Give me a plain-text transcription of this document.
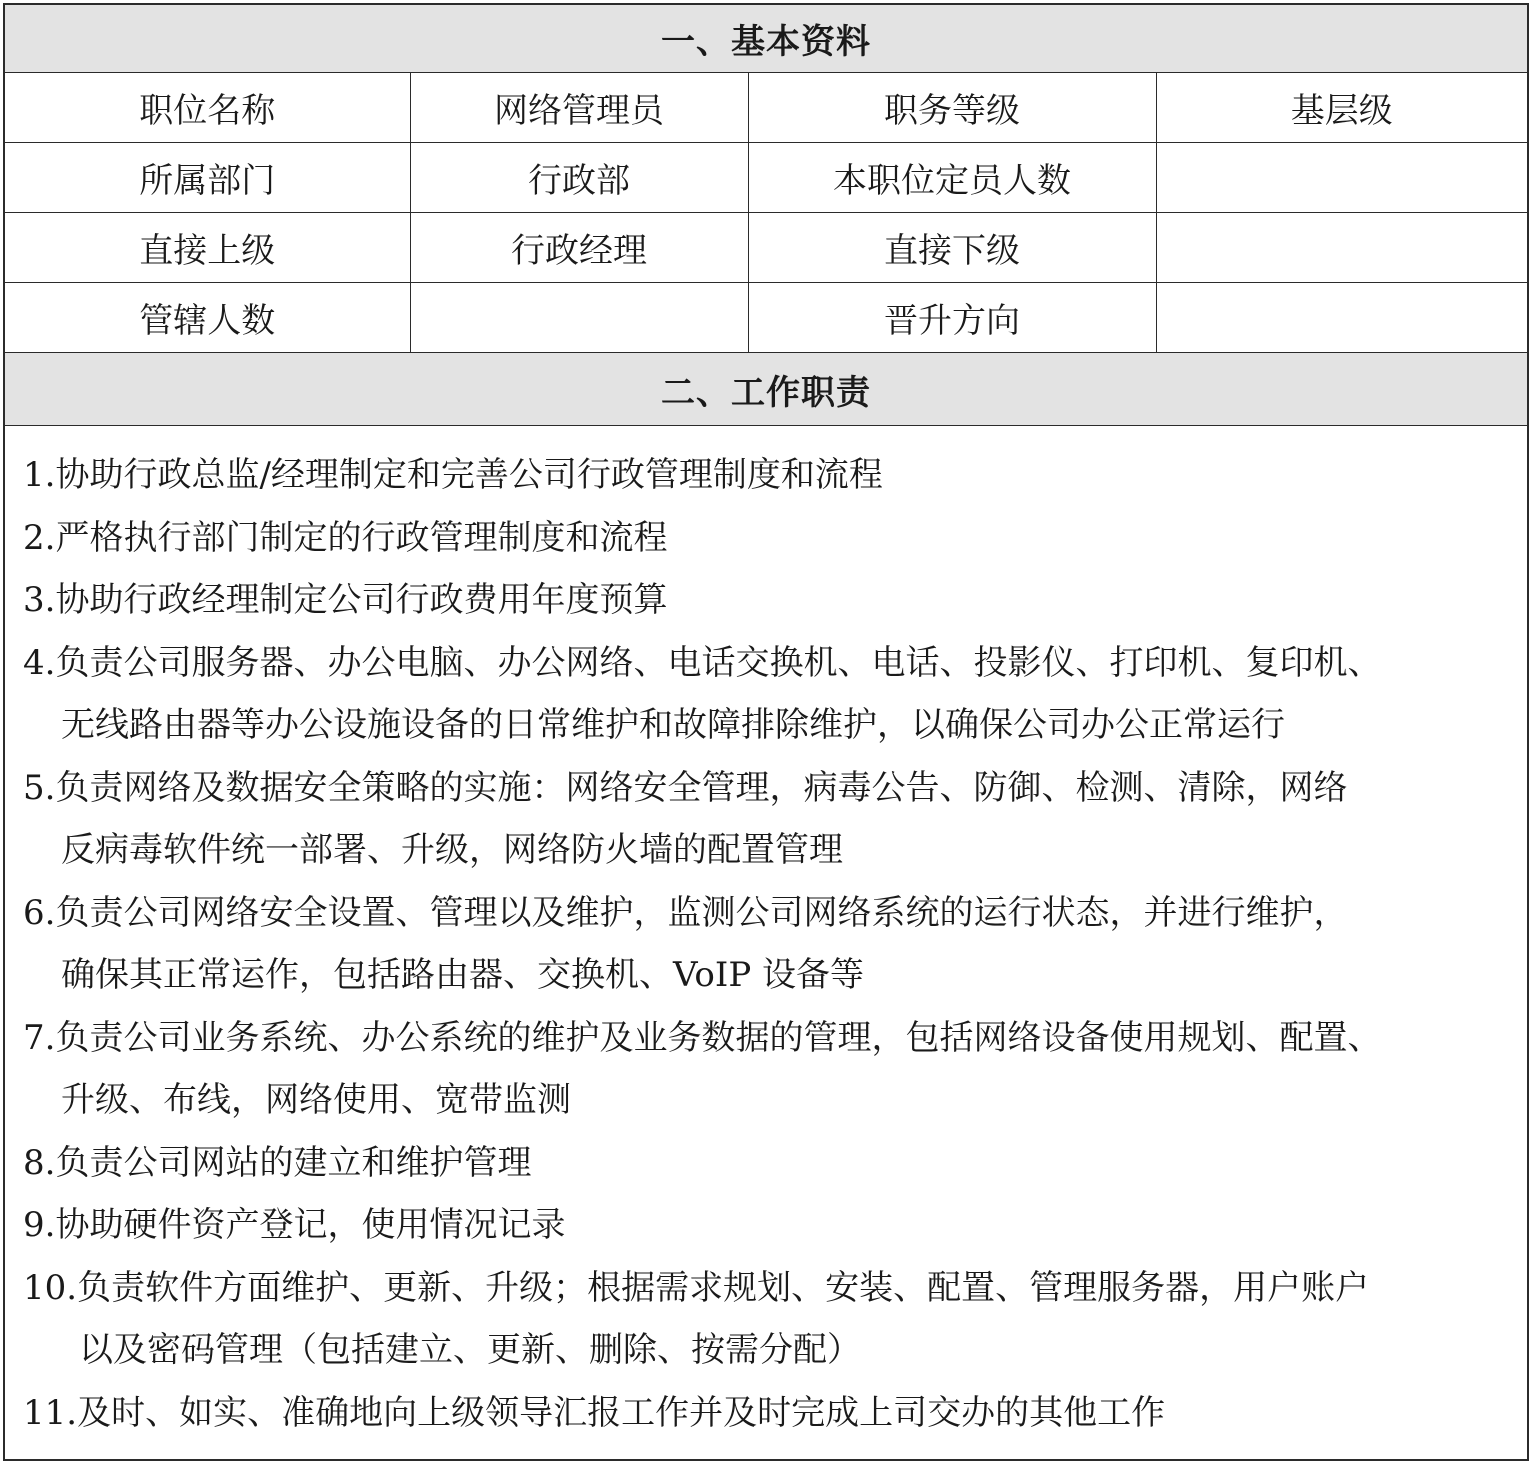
一、基本资料			
职位名称	网络管理员	职务等级	基层级
所属部门	行政部	本职位定员人数	
直接上级	行政经理	直接下级	
管辖人数		晋升方向	
二、工作职责			
1.协助行政总监/经理制定和完善公司行政管理制度和流程
2.严格执行部门制定的行政管理制度和流程
3.协助行政经理制定公司行政费用年度预算
4.负责公司服务器、办公电脑、办公网络、电话交换机、电话、投影仪、打印机、复印机、
无线路由器等办公设施设备的日常维护和故障排除维护，以确保公司办公正常运行
5.负责网络及数据安全策略的实施：网络安全管理，病毒公告、防御、检测、清除，网络
反病毒软件统一部署、升级，网络防火墙的配置管理
6.负责公司网络安全设置、管理以及维护，监测公司网络系统的运行状态，并进行维护，
确保其正常运作，包括路由器、交换机、VoIP 设备等
7.负责公司业务系统、办公系统的维护及业务数据的管理，包括网络设备使用规划、配置、
升级、布线，网络使用、宽带监测
8.负责公司网站的建立和维护管理
9.协助硬件资产登记，使用情况记录
10.负责软件方面维护、更新、升级；根据需求规划、安装、配置、管理服务器，用户账户
以及密码管理（包括建立、更新、删除、按需分配）
11.及时、如实、准确地向上级领导汇报工作并及时完成上司交办的其他工作
